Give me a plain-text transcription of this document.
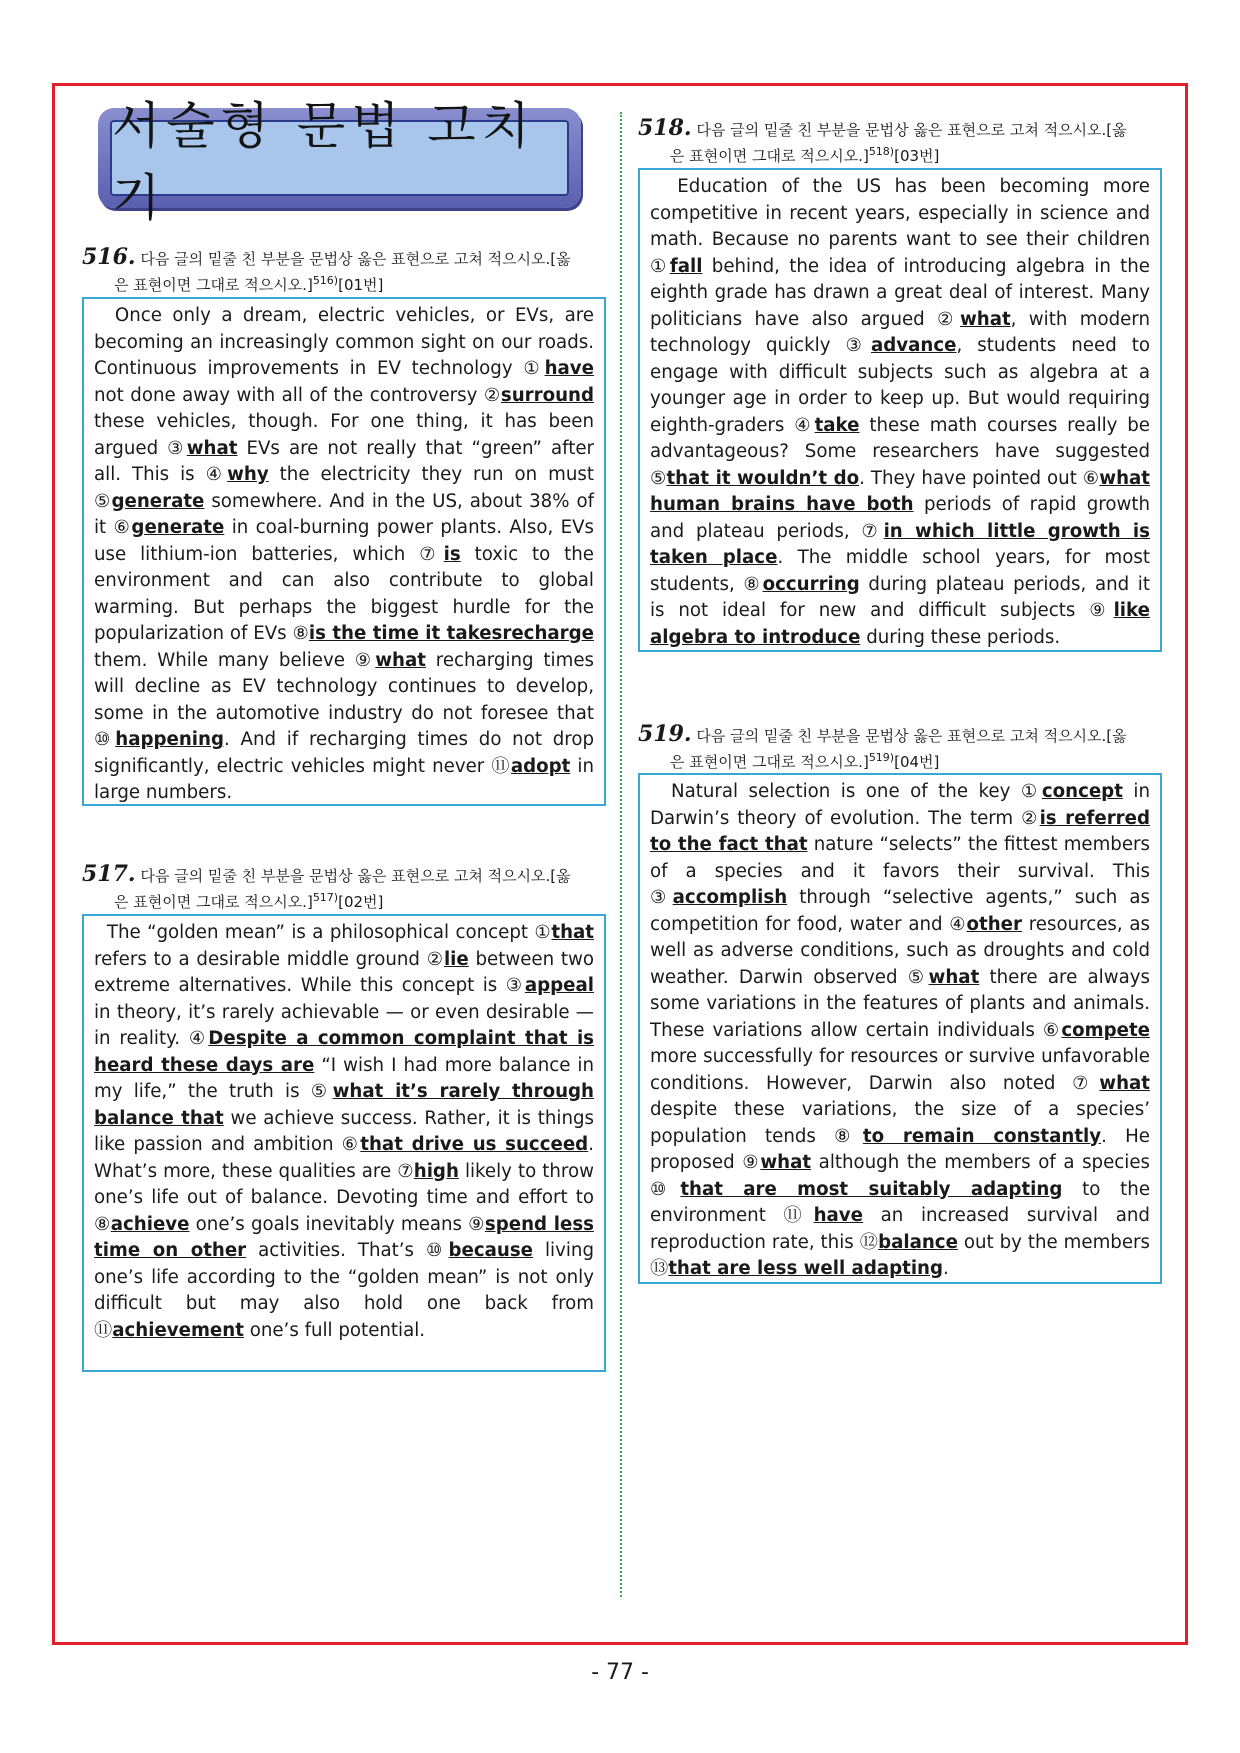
서술형 문법 고치기
516. 다음 글의 밑줄 친 부분을 문법상 옳은 표현으로 고쳐 적으시오.[옳
은 표현이면 그대로 적으시오.]$^{516)}$[01번]
Once only a dream, electric vehicles, or EVs, are becoming an increasingly common sight on our roads. Continuous improvements in EV technology ①have not done away with all of the controversy ②surround these vehicles, though. For one thing, it has been argued ③what EVs are not really that “green” after all. This is ④why the electricity they run on must ⑤generate somewhere. And in the US, about 38% of it ⑥generate in coal-burning power plants. Also, EVs use lithium-ion batteries, which ⑦is toxic to the environment and can also contribute to global warming. But perhaps the biggest hurdle for the popularization of EVs ⑧is the time it takesrecharge them. While many believe ⑨what recharging times will decline as EV technology continues to develop, some in the automotive industry do not foresee that ⑩happening. And if recharging times do not drop significantly, electric vehicles might never ⑪adopt in large numbers.
517. 다음 글의 밑줄 친 부분을 문법상 옳은 표현으로 고쳐 적으시오.[옳
은 표현이면 그대로 적으시오.]$^{517)}$[02번]
The “golden mean” is a philosophical concept ①that refers to a desirable middle ground ②lie between two extreme alternatives. While this concept is ③appeal in theory, it’s rarely achievable — or even desirable — in reality. ④Despite a common complaint that is heard these days are “I wish I had more balance in my life,” the truth is ⑤what it’s rarely through balance that we achieve success. Rather, it is things like passion and ambition ⑥that drive us succeed. What’s more, these qualities are ⑦high likely to throw one’s life out of balance. Devoting time and effort to ⑧achieve one’s goals inevitably means ⑨spend less time on other activities. That’s ⑩because living one’s life according to the “golden mean” is not only difficult but may also hold one back from ⑪achievement one’s full potential.
518. 다음 글의 밑줄 친 부분을 문법상 옳은 표현으로 고쳐 적으시오.[옳
은 표현이면 그대로 적으시오.]$^{518)}$[03번]
Education of the US has been becoming more competitive in recent years, especially in science and math. Because no parents want to see their children ①fall behind, the idea of introducing algebra in the eighth grade has drawn a great deal of interest. Many politicians have also argued ②what, with modern technology quickly ③advance, students need to engage with difficult subjects such as algebra at a younger age in order to keep up. But would requiring eighth-graders ④take these math courses really be advantageous? Some researchers have suggested ⑤that it wouldn’t do. They have pointed out ⑥what human brains have both periods of rapid growth and plateau periods, ⑦in which little growth is taken place. The middle school years, for most students, ⑧occurring during plateau periods, and it is not ideal for new and difficult subjects ⑨like algebra to introduce during these periods.
519. 다음 글의 밑줄 친 부분을 문법상 옳은 표현으로 고쳐 적으시오.[옳
은 표현이면 그대로 적으시오.]$^{519)}$[04번]
Natural selection is one of the key ①concept in Darwin’s theory of evolution. The term ②is referred to the fact that nature “selects” the fittest members of a species and it favors their survival. This ③accomplish through “selective agents,” such as competition for food, water and ④other resources, as well as adverse conditions, such as droughts and cold weather. Darwin observed ⑤what there are always some variations in the features of plants and animals. These variations allow certain individuals ⑥compete more successfully for resources or survive unfavorable conditions. However, Darwin also noted ⑦what despite these variations, the size of a species’ population tends ⑧to remain constantly. He proposed ⑨what although the members of a species ⑩that are most suitably adapting to the environment ⑪have an increased survival and reproduction rate, this ⑫balance out by the members ⑬that are less well adapting.
- 77 -
